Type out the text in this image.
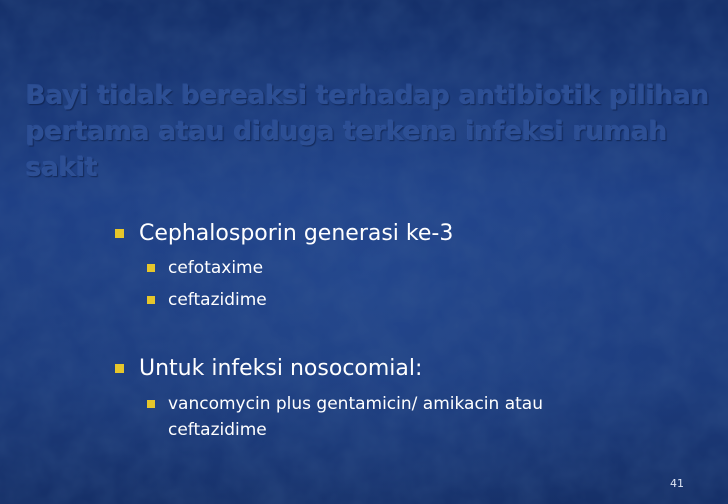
Bayi tidak bereaksi terhadap antibiotik pilihan
pertama atau diduga terkena infeksi rumah
sakit
Cephalosporin generasi ke-3
cefotaxime
ceftazidime
Untuk infeksi nosocomial:
vancomycin plus gentamicin/ amikacin atau
ceftazidime
41
